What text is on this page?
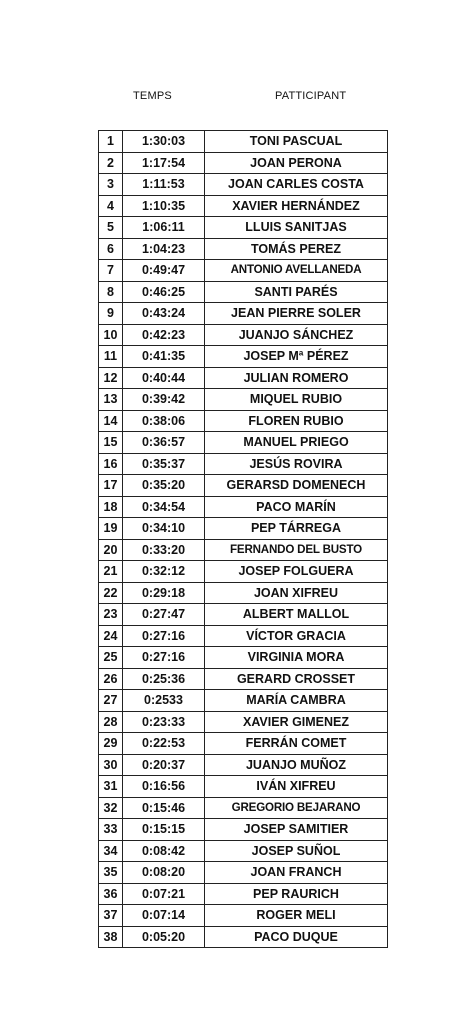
TEMPS	PATTICIPANT
1	1:30:03	TONI PASCUAL
2	1:17:54	JOAN PERONA
3	1:11:53	JOAN CARLES COSTA
4	1:10:35	XAVIER HERNÁNDEZ
5	1:06:11	LLUIS SANITJAS
6	1:04:23	TOMÁS PEREZ
7	0:49:47	ANTONIO AVELLANEDA
8	0:46:25	SANTI PARÉS
9	0:43:24	JEAN PIERRE SOLER
10	0:42:23	JUANJO SÁNCHEZ
11	0:41:35	JOSEP Mª PÉREZ
12	0:40:44	JULIAN ROMERO
13	0:39:42	MIQUEL RUBIO
14	0:38:06	FLOREN RUBIO
15	0:36:57	MANUEL PRIEGO
16	0:35:37	JESÚS ROVIRA
17	0:35:20	GERARSD DOMENECH
18	0:34:54	PACO MARÍN
19	0:34:10	PEP TÁRREGA
20	0:33:20	FERNANDO DEL BUSTO
21	0:32:12	JOSEP FOLGUERA
22	0:29:18	JOAN XIFREU
23	0:27:47	ALBERT MALLOL
24	0:27:16	VÍCTOR GRACIA
25	0:27:16	VIRGINIA MORA
26	0:25:36	GERARD CROSSET
27	0:2533	MARÍA CAMBRA
28	0:23:33	XAVIER GIMENEZ
29	0:22:53	FERRÁN COMET
30	0:20:37	JUANJO MUÑOZ
31	0:16:56	IVÁN XIFREU
32	0:15:46	GREGORIO BEJARANO
33	0:15:15	JOSEP SAMITIER
34	0:08:42	JOSEP SUÑOL
35	0:08:20	JOAN FRANCH
36	0:07:21	PEP RAURICH
37	0:07:14	ROGER MELI
38	0:05:20	PACO DUQUE
